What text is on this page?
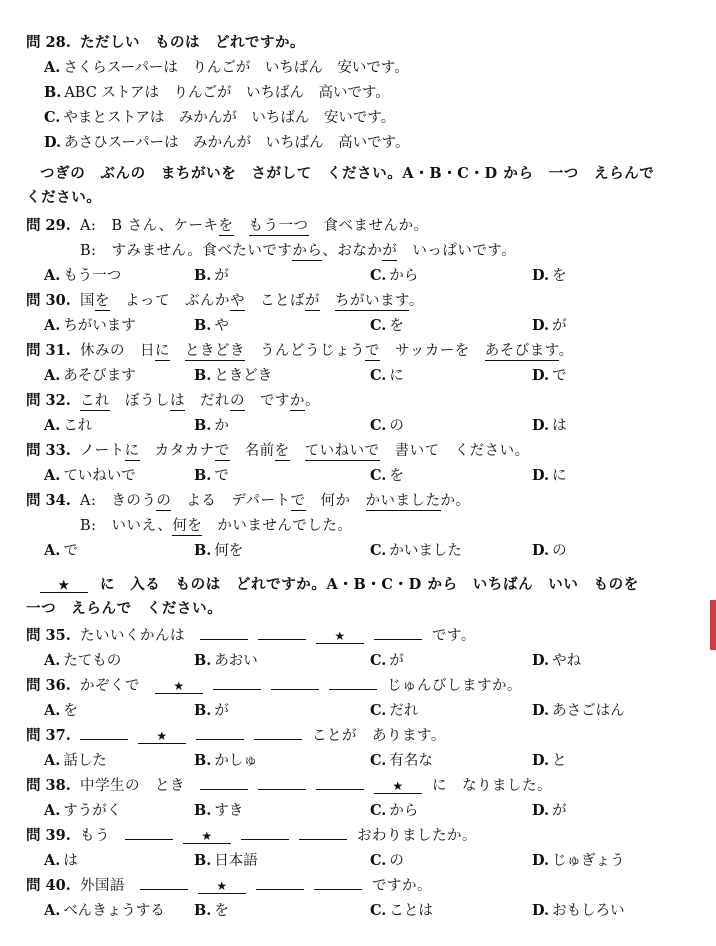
問 28. ただしい　ものは　どれですか。
A. さくらスーパーは　りんごが　いちばん　安いです。
B. ABC ストアは　りんごが　いちばん　高いです。
C. やまとストアは　みかんが　いちばん　安いです。
D. あさひスーパーは　みかんが　いちばん　高いです。
つぎの　ぶんの　まちがいを　さがして　ください。A・B・C・D から　一つ　えらんで
ください。
問 29. A:　 B さん、ケーキを　 もう一つ　食べませんか。
B:　 すみません。食べたいですから、おなかが　いっぱいです。
A. もう一つ	B. が	C. から	D. を
問 30. 国を　よって　ぶんかや　ことばが　 ちがいます。
A. ちがいます	B. や	C. を	D. が
問 31. 休みの　日に　 ときどき　うんどうじょうで　サッカーを　あそびます。
A. あそびます	B. ときどき	C. に	D. で
問 32. これ　ぼうしは　だれの　ですか。
A. これ	B. か	C. の	D. は
問 33. ノートに　カタカナで　名前を　 ていねいで　書いて　ください。
A. ていねいで	B. で	C. を	D. に
問 34. A:　 きのうの　よる　デパートで　何か　かいましたか。
B:　 いいえ、何を　かいませんでした。
A. で	B. 何を	C. かいました	D. の
★ に　入る　ものは　どれですか。A・B・C・D から　いちばん　いい　ものを
一つ　えらんで　ください。
問 35. たいいくかんは　	★	です。
A. たてもの	B. あおい	C. が	D. やね
問 36. かぞくで　	★	じゅんびしますか。
A. を	B. が	C. だれ	D. あさごはん
問 37.	★	ことが　あります。
A. 話した	B. かしゅ	C. 有名な	D. と
問 38. 中学生の　とき　	★ に　なりました。
A. すうがく	B. すき	C. から	D. が
問 39. もう　	★	おわりましたか。
A. は	B. 日本語	C. の	D. じゅぎょう
問 40. 外国語　	★	ですか。
A. べんきょうする B. を	C. ことは	D. おもしろい
